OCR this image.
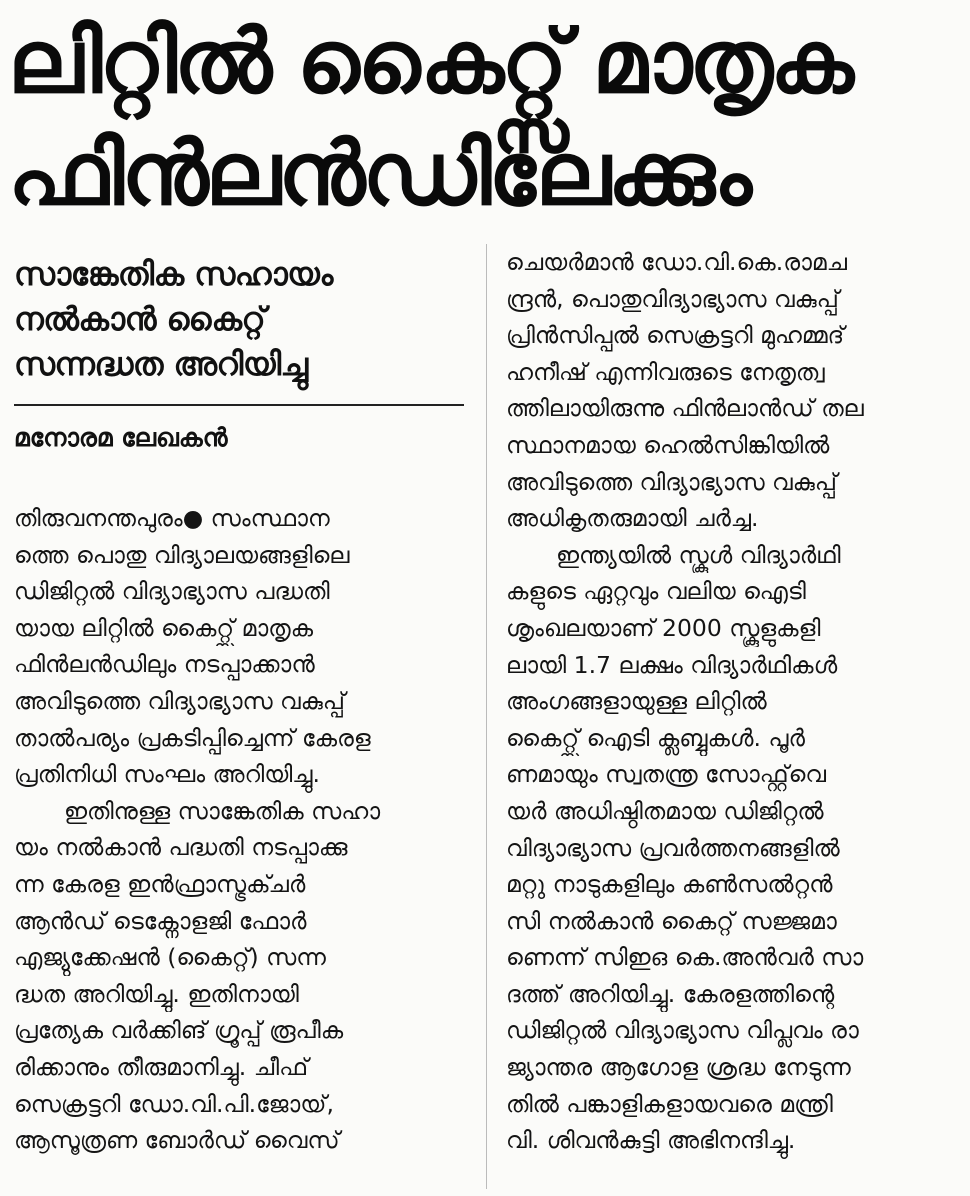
ലിറ്റിൽ കൈറ്റ്സ് മാതൃക
ഫിൻലൻഡിലേക്കും
സാങ്കേതിക സഹായം
നൽകാൻ കൈറ്റ്
സന്നദ്ധത അറിയിച്ചു

മനോരമ ലേഖകൻ

തിരുവനന്തപുരം● സംസ്ഥാന
ത്തെ പൊതു വിദ്യാലയങ്ങളിലെ
ഡിജിറ്റൽ വിദ്യാഭ്യാസ പദ്ധതി
യായ ലിറ്റിൽ കൈറ്റ്സ് മാതൃക
ഫിൻലൻഡിലും നടപ്പാക്കാൻ
അവിടുത്തെ വിദ്യാഭ്യാസ വകുപ്പ്
താൽപര്യം പ്രകടിപ്പിച്ചെന്ന് കേരള
പ്രതിനിധി സംഘം അറിയിച്ചു.
ഇതിനുള്ള സാങ്കേതിക സഹാ
യം നൽകാൻ പദ്ധതി നടപ്പാക്കു
ന്ന കേരള ഇൻഫ്രാസ്ട്രക്ചർ
ആൻഡ് ടെക്നോളജി ഫോർ
എജ്യുക്കേഷൻ (കൈറ്റ്) സന്ന
ദ്ധത അറിയിച്ചു. ഇതിനായി
പ്രത്യേക വർക്കിങ് ഗ്രൂപ്പ് രൂപീക
രിക്കാനും തീരുമാനിച്ചു. ചീഫ്
സെക്രട്ടറി ഡോ.വി.പി.ജോയ്,
ആസൂത്രണ ബോർഡ് വൈസ്
ചെയർമാൻ ഡോ.വി.കെ.രാമച
ന്ദ്രൻ, പൊതുവിദ്യാഭ്യാസ വകുപ്പ്
പ്രിൻസിപ്പൽ സെക്രട്ടറി മുഹമ്മദ്
ഹനീഷ് എന്നിവരുടെ നേതൃത്വ
ത്തിലായിരുന്നു ഫിൻലാൻഡ് തല
സ്ഥാനമായ ഹെൽസിങ്കിയിൽ
അവിടുത്തെ വിദ്യാഭ്യാസ വകുപ്പ്
അധികൃതരുമായി ചർച്ച.
ഇന്ത്യയിൽ സ്കൂൾ വിദ്യാർഥി
കളുടെ ഏറ്റവും വലിയ ഐടി
ശൃംഖലയാണ് 2000 സ്കൂളുകളി
ലായി 1.7 ലക്ഷം വിദ്യാർഥികൾ
അംഗങ്ങളായുള്ള ലിറ്റിൽ
കൈറ്റ്സ് ഐടി ക്ലബ്ബുകൾ. പൂർ
ണമായും സ്വതന്ത്ര സോഫ്റ്റ്‌വെ
യർ അധിഷ്ഠിതമായ ഡിജിറ്റൽ
വിദ്യാഭ്യാസ പ്രവർത്തനങ്ങളിൽ
മറ്റു നാടുകളിലും കൺസൽറ്റൻ
സി നൽകാൻ കൈറ്റ് സജ്ജമാ
ണെന്ന് സിഇഒ കെ.അൻവർ സാ
ദത്ത് അറിയിച്ചു. കേരളത്തിന്റെ
ഡിജിറ്റൽ വിദ്യാഭ്യാസ വിപ്ലവം രാ
ജ്യാന്തര ആഗോള ശ്രദ്ധ നേടുന്ന
തിൽ പങ്കാളികളായവരെ മന്ത്രി
വി. ശിവൻകുട്ടി അഭിനന്ദിച്ചു.
